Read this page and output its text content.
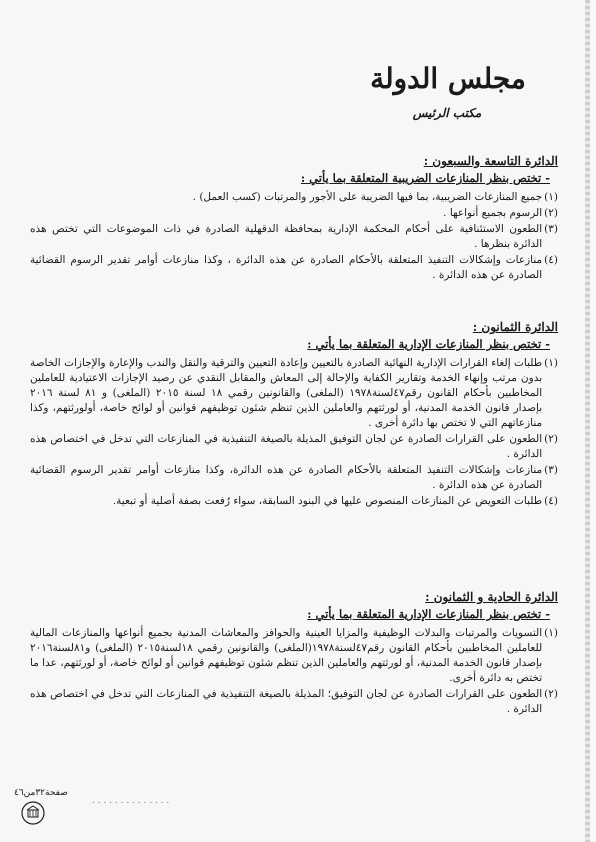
مجلس الدولة
مكتب الرئيس
الدائرة التاسعة والسبعون :
- تختص بنظر المنازعات الضريبية المتعلقة بما يأتي :
(١)
جميع المنازعات الضريبية، بما فيها الضريبة على الأجور والمرتبات (كسب العمل) .
(٢)
الرسوم بجميع أنواعها .
(٣)
الطعون الاستئنافية على أحكام المحكمة الإدارية بمحافظة الدقهلية الصادرة في ذات الموضوعات التي تختص هذه الدائرة بنظرها .
(٤)
منازعات وإشكالات التنفيذ المتعلقة بالأحكام الصادرة عن هذه الدائرة ، وكذا منازعات أوامر تقدير الرسوم القضائية الصادرة عن هذه الدائرة .
الدائرة الثمانون :
- تختص بنظر المنازعات الإدارية المتعلقة بما يأتي :
(١)
طلبات إلغاء القرارات الإدارية النهائية الصادرة بالتعيين وإعادة التعيين والترقية والنقل والندب والإعارة والإجازات الخاصة بدون مرتب وإنهاء الخدمة وتقارير الكفاية والإحالة إلى المعاش والمقابل النقدي عن رصيد الإجازات الاعتيادية للعاملين المخاطبين بأحكام القانون رقم٤٧لسنة١٩٧٨ (الملغى) والقانونين رقمي ١٨ لسنة ٢٠١٥ (الملغى) و ٨١ لسنة ٢٠١٦ بإصدار قانون الخدمة المدنية، أو لورثتهم والعاملين الذين تنظم شئون توظيفهم قوانين أو لوائح خاصة، أولورثتهم، وكذا منازعاتهم التي لا تختص بها دائرة أخرى .
(٢)
الطعون على القرارات الصادرة عن لجان التوفيق المذيلة بالصيغة التنفيذية في المنازعات التي تدخل في اختصاص هذه الدائرة .
(٣)
منازعات وإشكالات التنفيذ المتعلقة بالأحكام الصادرة عن هذه الدائرة، وكذا منازعات أوامر تقدير الرسوم القضائية الصادرة عن هذه الدائرة .
(٤)
طلبات التعويض عن المنازعات المنصوص عليها في البنود السابقة، سواء رُفعت بصفة أصلية أو تبعية.
الدائرة الحادية و الثمانون :
- تختص بنظر المنازعات الإدارية المتعلقة بما يأتي :
(١)
التسويات والمرتبات والبدلات الوظيفية والمزايا العينية والحوافز والمعاشات المدنية بجميع أنواعها والمنازعات المالية للعاملين المخاطبين بأحكام القانون رقم٤٧لسنة١٩٧٨(الملغى) والقانونين رقمي ١٨لسنة٢٠١٥ (الملغى) و٨١لسنة٢٠١٦ بإصدار قانون الخدمة المدنية، أو لورثتهم والعاملين الذين تنظم شئون توظيفهم قوانين أو لوائح خاصة، أو لورثتهم، عدا ما تختص به دائرة أخرى.
(٢)
الطعون على القرارات الصادرة عن لجان التوفيق؛ المذيلة بالصيغة التنفيذية في المنازعات التي تدخل في اختصاص هذه الدائرة .
صفحة٣٢من٤٦
. . . . . . . . . . . . . .
